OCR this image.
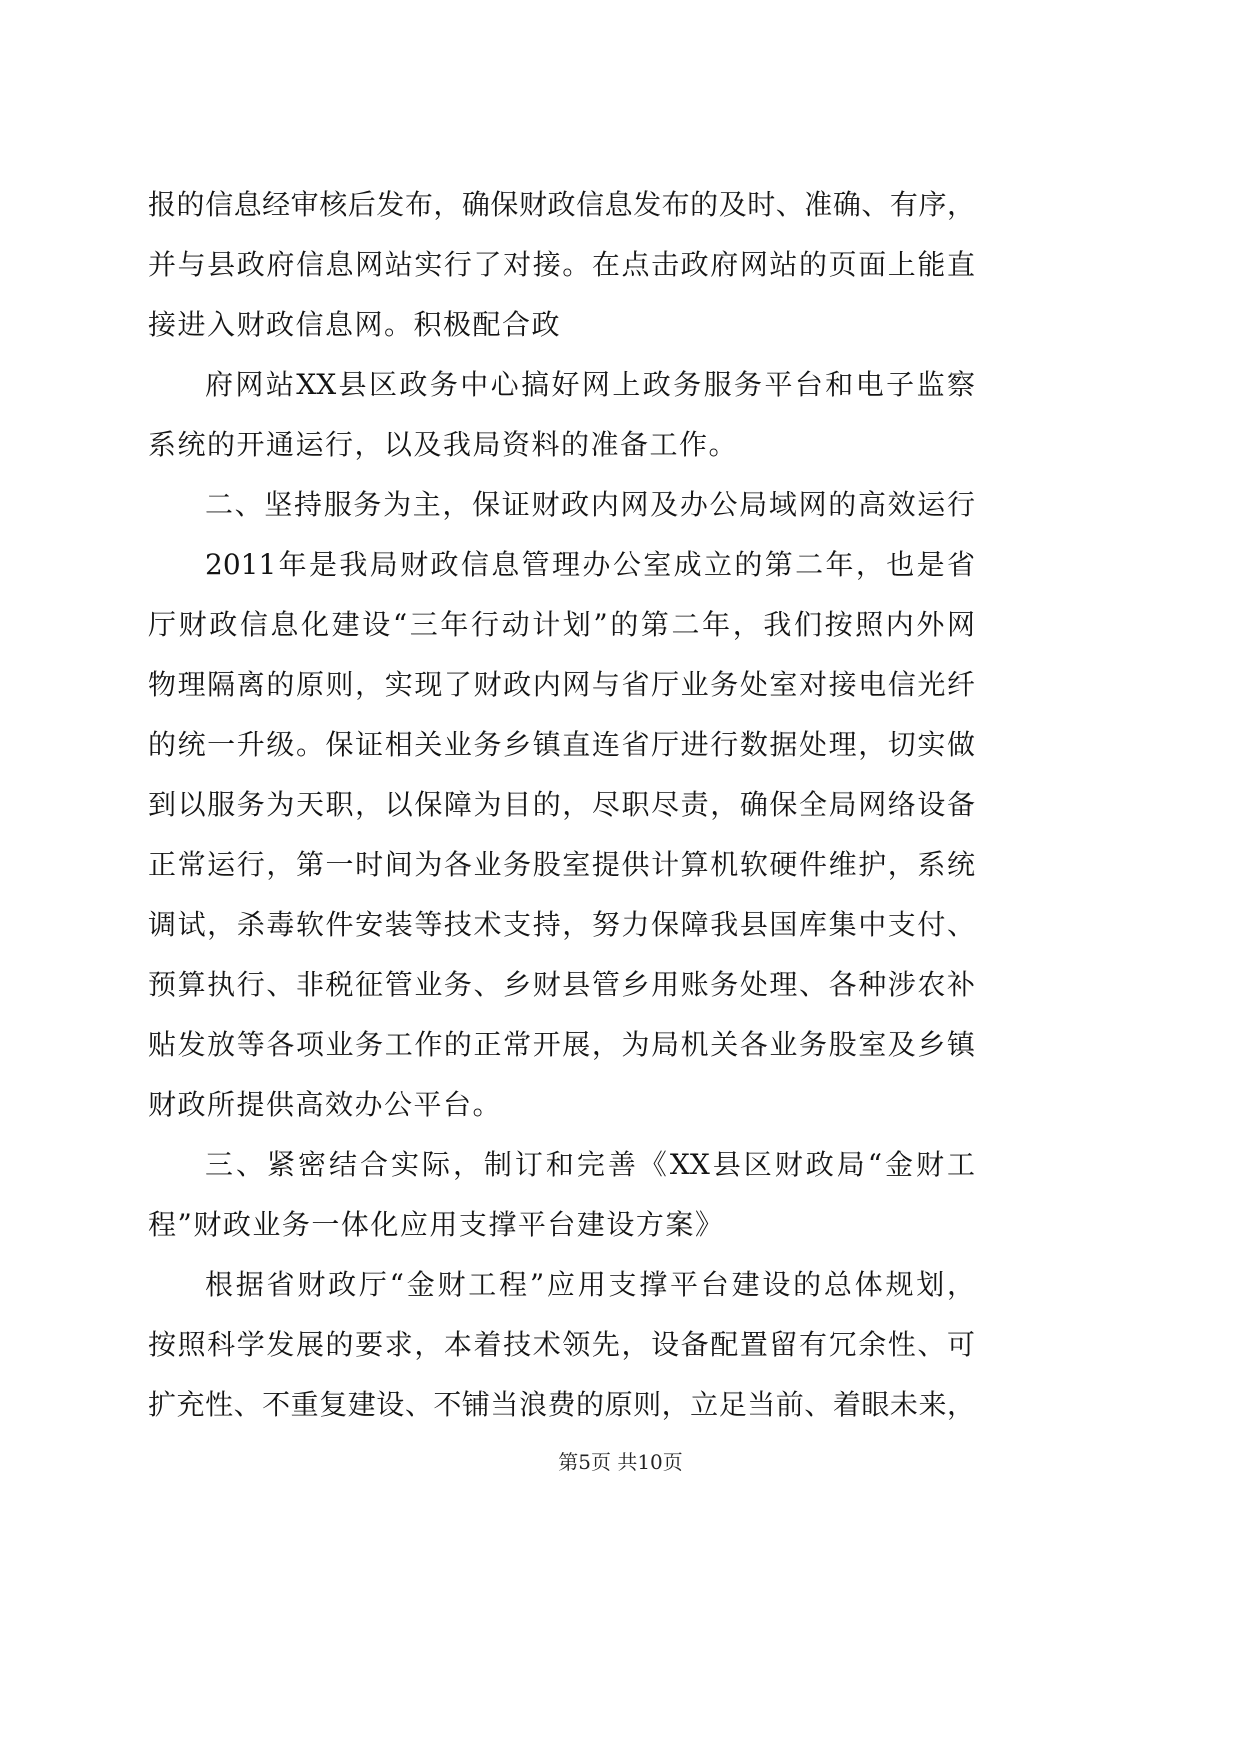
报的信息经审核后发布，确保财政信息发布的及时、准确、有序，
并与县政府信息网站实行了对接。在点击政府网站的页面上能直
接进入财政信息网。积极配合政
府网站XX县区政务中心搞好网上政务服务平台和电子监察
系统的开通运行，以及我局资料的准备工作。
二、坚持服务为主，保证财政内网及办公局域网的高效运行
2011年是我局财政信息管理办公室成立的第二年，也是省
厅财政信息化建设“三年行动计划”的第二年，我们按照内外网
物理隔离的原则，实现了财政内网与省厅业务处室对接电信光纤
的统一升级。保证相关业务乡镇直连省厅进行数据处理，切实做
到以服务为天职，以保障为目的，尽职尽责，确保全局网络设备
正常运行，第一时间为各业务股室提供计算机软硬件维护，系统
调试，杀毒软件安装等技术支持，努力保障我县国库集中支付、
预算执行、非税征管业务、乡财县管乡用账务处理、各种涉农补
贴发放等各项业务工作的正常开展，为局机关各业务股室及乡镇
财政所提供高效办公平台。
三、紧密结合实际，制订和完善《XX县区财政局“金财工
程”财政业务一体化应用支撑平台建设方案》
根据省财政厅“金财工程”应用支撑平台建设的总体规划，
按照科学发展的要求，本着技术领先，设备配置留有冗余性、可
扩充性、不重复建设、不铺当浪费的原则，立足当前、着眼未来，
第5页 共10页
